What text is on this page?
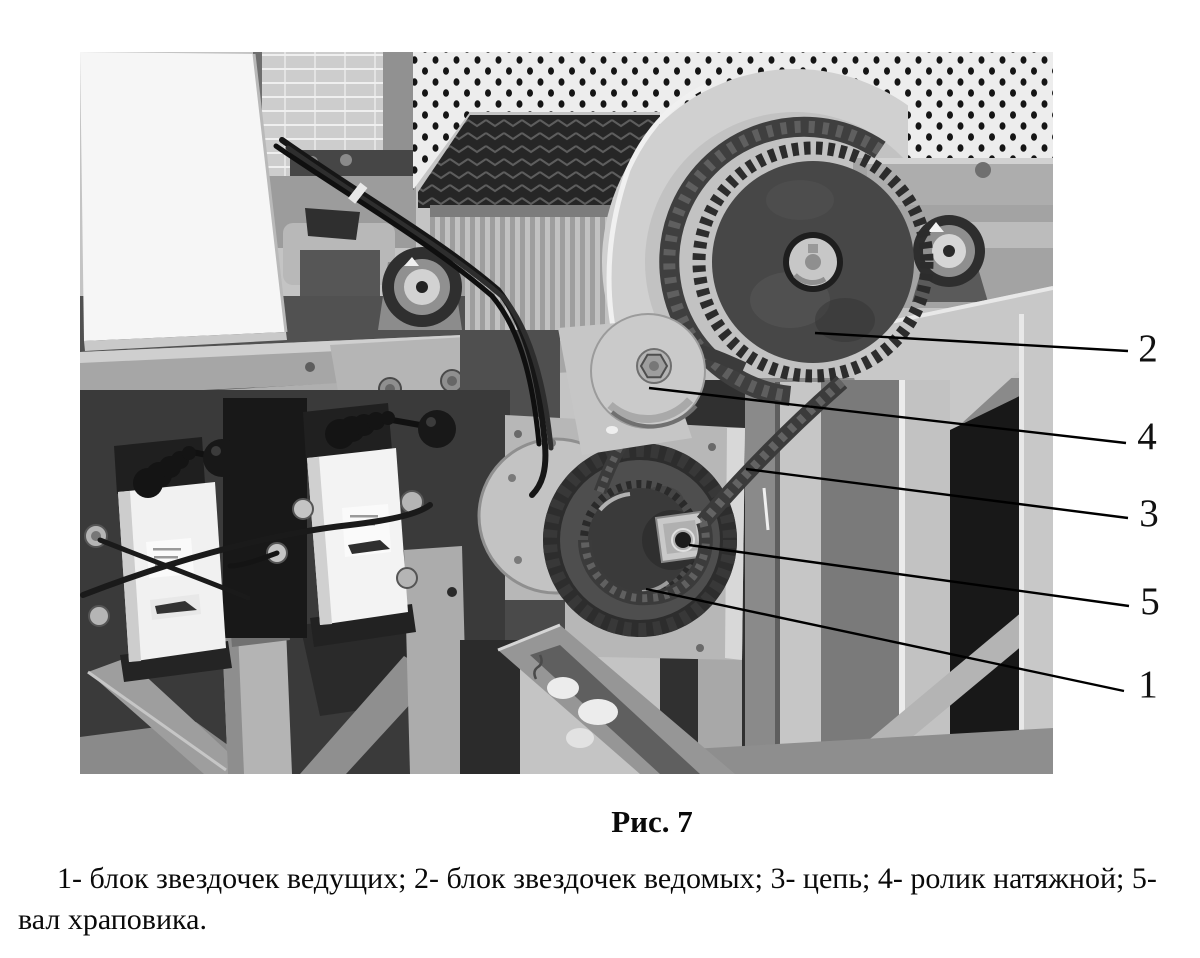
2
4
3
5
1
Рис. 7
1- блок звездочек ведущих; 2- блок звездочек ведомых; 3- цепь; 4- ролик натяжной; 5- вал храповика.
